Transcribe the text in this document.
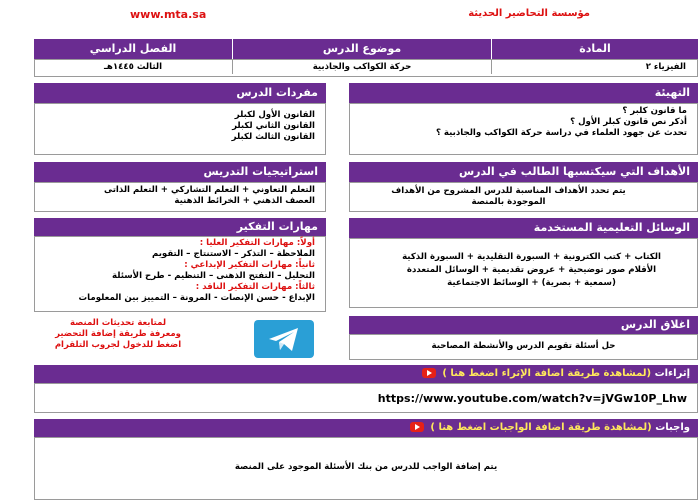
www.mta.sa	مؤسسة التحاضير الحديثة
المادة
موضوع الدرس
الفصل الدراسي
الفيزياء ٢
حركة الكواكب والجاذبية
الثالث ١٤٤٥هـ
التهيئة
ما قانون كلبر ؟
أذكر نص قانون كبلر الأول ؟
تحدث عن جهود العلماء في دراسة حركة الكواكب والجاذبية ؟
مفردات الدرس
القانون الأول لكبلر
القانون الثاني لكبلر
القانون الثالث لكبلر
الأهداف التي سيكتسبها الطالب في الدرس
يتم تحدد الأهداف المناسبة للدرس المشروح من الأهداف الموجودة بالمنصة
استراتيجيات التدريس
التعلم التعاوني + التعلم التشاركي + التعلم الذاتى
العصف الذهني + الخرائط الذهنية
الوسائل التعليمية المستخدمة
الكتاب + كتب الكترونية + السبورة التقليدية + السبورة الذكية الأقلام صور توضيحية + عروض تقديمية + الوسائل المتعددة (سمعية + بصرية) + الوسائط الاجتماعية
مهارات التفكير
أولاً: مهارات التفكير العليا :
الملاحظة – التذكر – الاستنتاج – التقويم
ثانياً: مهارات التفكير الإبداعي :
التحليل – التفتح الذهنى – التنظيم - طرح الأسئلة
ثالثاً: مهارات التفكير الناقد :
الإبداع - حسن الإنصات - المرونة – التمييز بين المعلومات
لمتابعة تحديثات المنصة
ومعرفة طريقة إضافة التحضير
اضغط للدخول لجروب التلقرام
اغلاق الدرس
حل أسئلة تقويم الدرس والأنشطة المصاحبة
إثراءات (لمشاهدة طريقة اضافة الإثراء اضغط هنا )
https://www.youtube.com/watch?v=jVGw10P_Lhw
واجبات (لمشاهدة طريقة اضافة الواجبات اضغط هنا )
يتم إضافة الواجب للدرس من بنك الأسئلة الموجود على المنصة
